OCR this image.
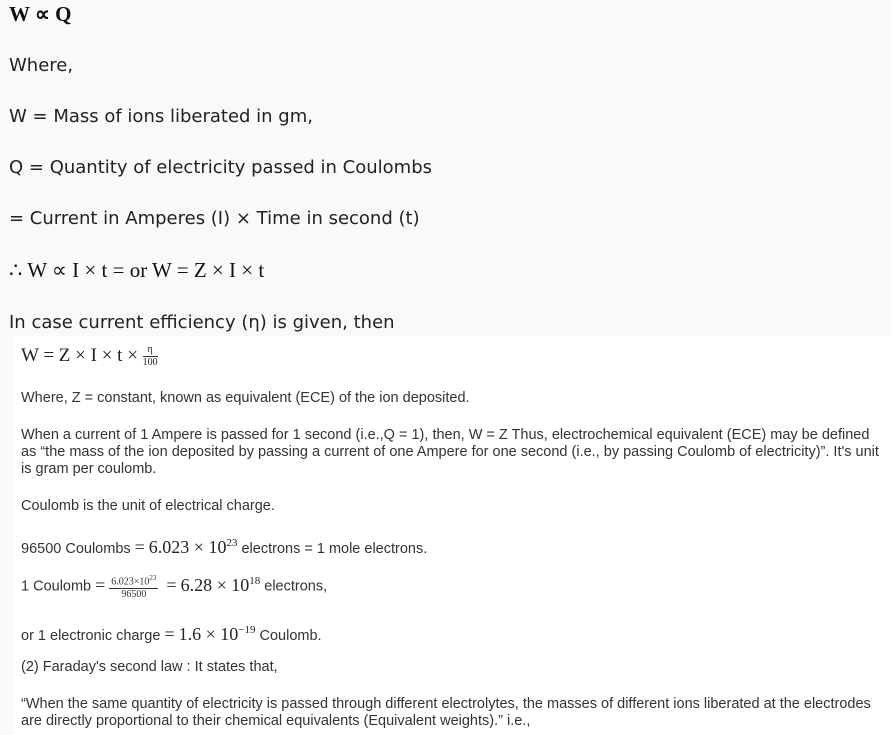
W ∝ Q
Where,
W = Mass of ions liberated in gm,
Q = Quantity of electricity passed in Coulombs
= Current in Amperes (I) × Time in second (t)
∴ W ∝ I × t = or W = Z × I × t
In case current efficiency (η) is given, then
$W = Z \times I \times t \times \frac{\eta}{100}$
Where, Z = constant, known as equivalent (ECE) of the ion deposited.
When a current of 1 Ampere is passed for 1 second (i.e.,Q = 1), then, W = Z Thus, electrochemical equivalent (ECE) may be defined as “the mass of the ion deposited by passing a current of one Ampere for one second (i.e., by passing Coulomb of electricity)”. It's unit is gram per coulomb.
Coulomb is the unit of electrical charge.
96500 Coulombs = $6.023 \times 10^{23}$ electrons = 1 mole electrons.
1 Coulomb = $\frac{6.023\times 10^{23}}{96500} = 6.28 \times 10^{18}$ electrons,
or 1 electronic charge = $1.6 \times 10^{-19}$ Coulomb.
(2) Faraday's second law : It states that,
“When the same quantity of electricity is passed through different electrolytes, the masses of different ions liberated at the electrodes are directly proportional to their chemical equivalents (Equivalent weights).” i.e.,
